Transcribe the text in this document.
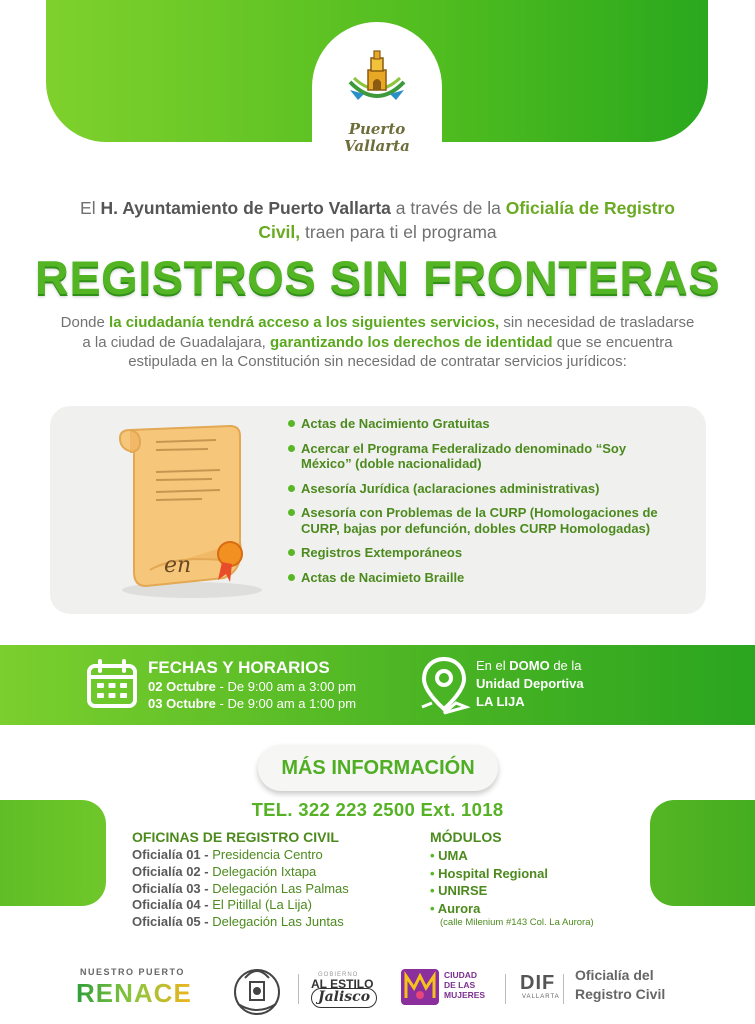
Puerto
Vallarta
El H. Ayuntamiento de Puerto Vallarta a través de la Oficialía de Registro Civil, traen para ti el programa
REGISTROS SIN FRONTERAS
Donde la ciudadanía tendrá acceso a los siguientes servicios, sin necesidad de trasladarse a la ciudad de Guadalajara, garantizando los derechos de identidad que se encuentra estipulada en la Constitución sin necesidad de contratar servicios jurídicos:
en
Actas de Nacimiento Gratuitas
Acercar el Programa Federalizado denominado “Soy México” (doble nacionalidad)
Asesoría Jurídica (aclaraciones administrativas)
Asesoría con Problemas de la CURP (Homologaciones de CURP, bajas por defunción, dobles CURP Homologadas)
Registros Extemporáneos
Actas de Nacimieto Braille
FECHAS Y HORARIOS
02 Octubre - De 9:00 am a 3:00 pm
03 Octubre - De 9:00 am a 1:00 pm
En el DOMO de la
Unidad Deportiva
LA LIJA
MÁS INFORMACIÓN
TEL. 322 223 2500 Ext. 1018
OFICINAS DE REGISTRO CIVIL
Oficialía 01 - Presidencia Centro
Oficialía 02 - Delegación Ixtapa
Oficialía 03 - Delegación Las Palmas
Oficialía 04 - El Pitillal (La Lija)
Oficialía 05 - Delegación Las Juntas
MÓDULOS
• UMA
• Hospital Regional
• UNIRSE
• Aurora
(calle Milenium #143 Col. La Aurora)
NUESTRO PUERTO
RENACE
GOBIERNO
AL ESTILO
Jalisco
CIUDAD
DE LAS
MUJERES
DIF
VALLARTA
Oficialía del
Registro Civil
